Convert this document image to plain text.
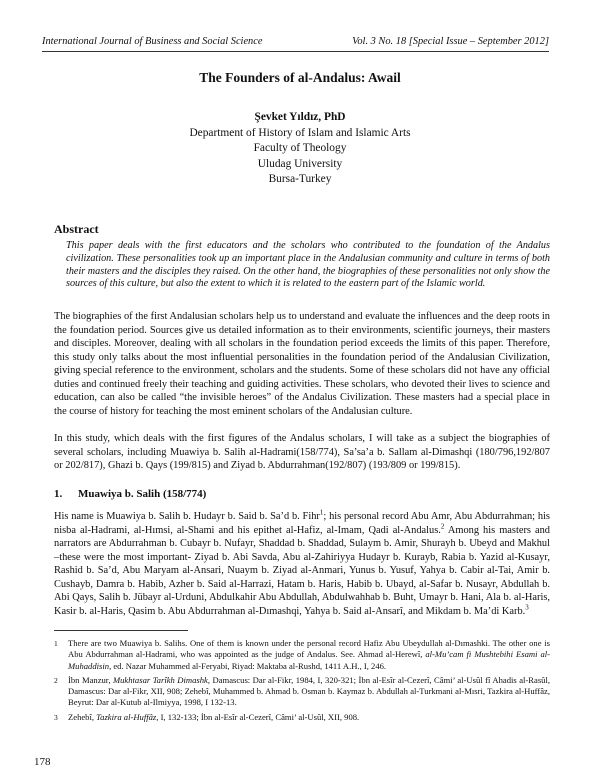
International Journal of Business and Social Science	Vol. 3 No. 18 [Special Issue – September 2012]
The Founders of al-Andalus: Awail
Şevket Yıldız, PhD
Department of History of Islam and Islamic Arts
Faculty of Theology
Uludag University
Bursa-Turkey
Abstract
This paper deals with the first educators and the scholars who contributed to the foundation of the Andalus civilization. These personalities took up an important place in the Andalusian community and culture in terms of both their masters and the disciples they raised. On the other hand, the biographies of these personalities not only show the sources of this culture, but also the extent to which it is related to the eastern part of the Islamic world.
The biographies of the first Andalusian scholars help us to understand and evaluate the influences and the deep roots in the foundation period. Sources give us detailed information as to their environments, scientific journeys, their masters and disciples. Moreover, dealing with all scholars in the foundation period exceeds the limits of this paper. Therefore, this study only talks about the most influential personalities in the foundation period of the Andalusian Civilization, giving special reference to the environment, scholars and the students. Some of these scholars did not have any official duties and continued freely their teaching and guiding activities. These scholars, who devoted their lives to science and education, can also be called “the invisible heroes” of the Andalus Civilization. These masters had a special place in the course of history for teaching the most eminent scholars of the Andalusian culture.
In this study, which deals with the first figures of the Andalus scholars, I will take as a subject the biographies of several scholars, including Muawiya b. Salih al-Hadrami(158/774), Sa’sa’a b. Sallam al-Dimashqi (180/796,192/807 or 202/817), Ghazi b. Qays (199/815) and Ziyad b. Abdurrahman(192/807) (193/809 or 199/815).
1. Muawiya b. Salih (158/774)
His name is Muawiya b. Salih b. Hudayr b. Said b. Sa’d b. Fihr$^1$; his personal record Abu Amr, Abu Abdurrahman; his nisba al-Hadrami, al-Hımsi, al-Shami and his epithet al-Hafiz, al-Imam, Qadi al-Andalus.$^2$ Among his masters and narrators are Abdurrahman b. Cubayr b. Nufayr, Shaddad b. Shaddad, Sulaym b. Amir, Shurayh b. Ubeyd and Makhul –these were the most important- Ziyad b. Abi Savda, Abu al-Zahiriyya Hudayr b. Kurayb, Rabia b. Yazid al-Kusayr, Rashid b. Sa’d, Abu Maryam al-Ansari, Nuaym b. Ziyad al-Anmari, Yunus b. Yusuf, Yahya b. Cabir al-Tai, Amir b. Cushayb, Damra b. Habib, Azher b. Said al-Harrazi, Hatam b. Haris, Habib b. Ubayd, al-Safar b. Nusayr, Abdullah b. Abi Qays, Salih b. Jübayr al-Urduni, Abdulkahir Abu Abdullah, Abdulwahhab b. Buht, Umayr b. Hani, Ala b. al-Haris, Kasir b. al-Haris, Qasim b. Abu Abdurrahman al-Dımashqi, Yahya b. Said al-Ansarî, and Mikdam b. Ma’di Karb.$^3$
1	There are two Muawiya b. Salihs. One of them is known under the personal record Hafiz Abu Ubeydullah al-Dımashki. The other one is Abu Abdurrahman al-Hadrami, who was appointed as the judge of Andalus. See. Ahmad al-Herewî, al-Mu’cam fi Mushtebihi Esami al-Muhaddisin, ed. Nazar Muhammed al-Feryabi, Riyad: Maktaba al-Rushd, 1411 A.H., I, 246.
2	İbn Manzur, Mukhtasar Tarîkh Dimashk, Damascus: Dar al-Fikr, 1984, I, 320-321; İbn al-Esîr al-Cezerî, Câmi’ al-Usûl fî Ahadis al-Rasûl, Damascus: Dar al-Fikr, XII, 908; Zehebî, Muhammed b. Ahmad b. Osman b. Kaymaz b. Abdullah al-Turkmani al-Mısri, Tazkira al-Huffâz, Beyrut: Dar al-Kutub al-Ilmiyya, 1998, I 132-13.
3	Zehebî, Tazkira al-Huffâz, I, 132-133; İbn al-Esîr al-Cezerî, Câmi’ al-Usûl, XII, 908.
178
